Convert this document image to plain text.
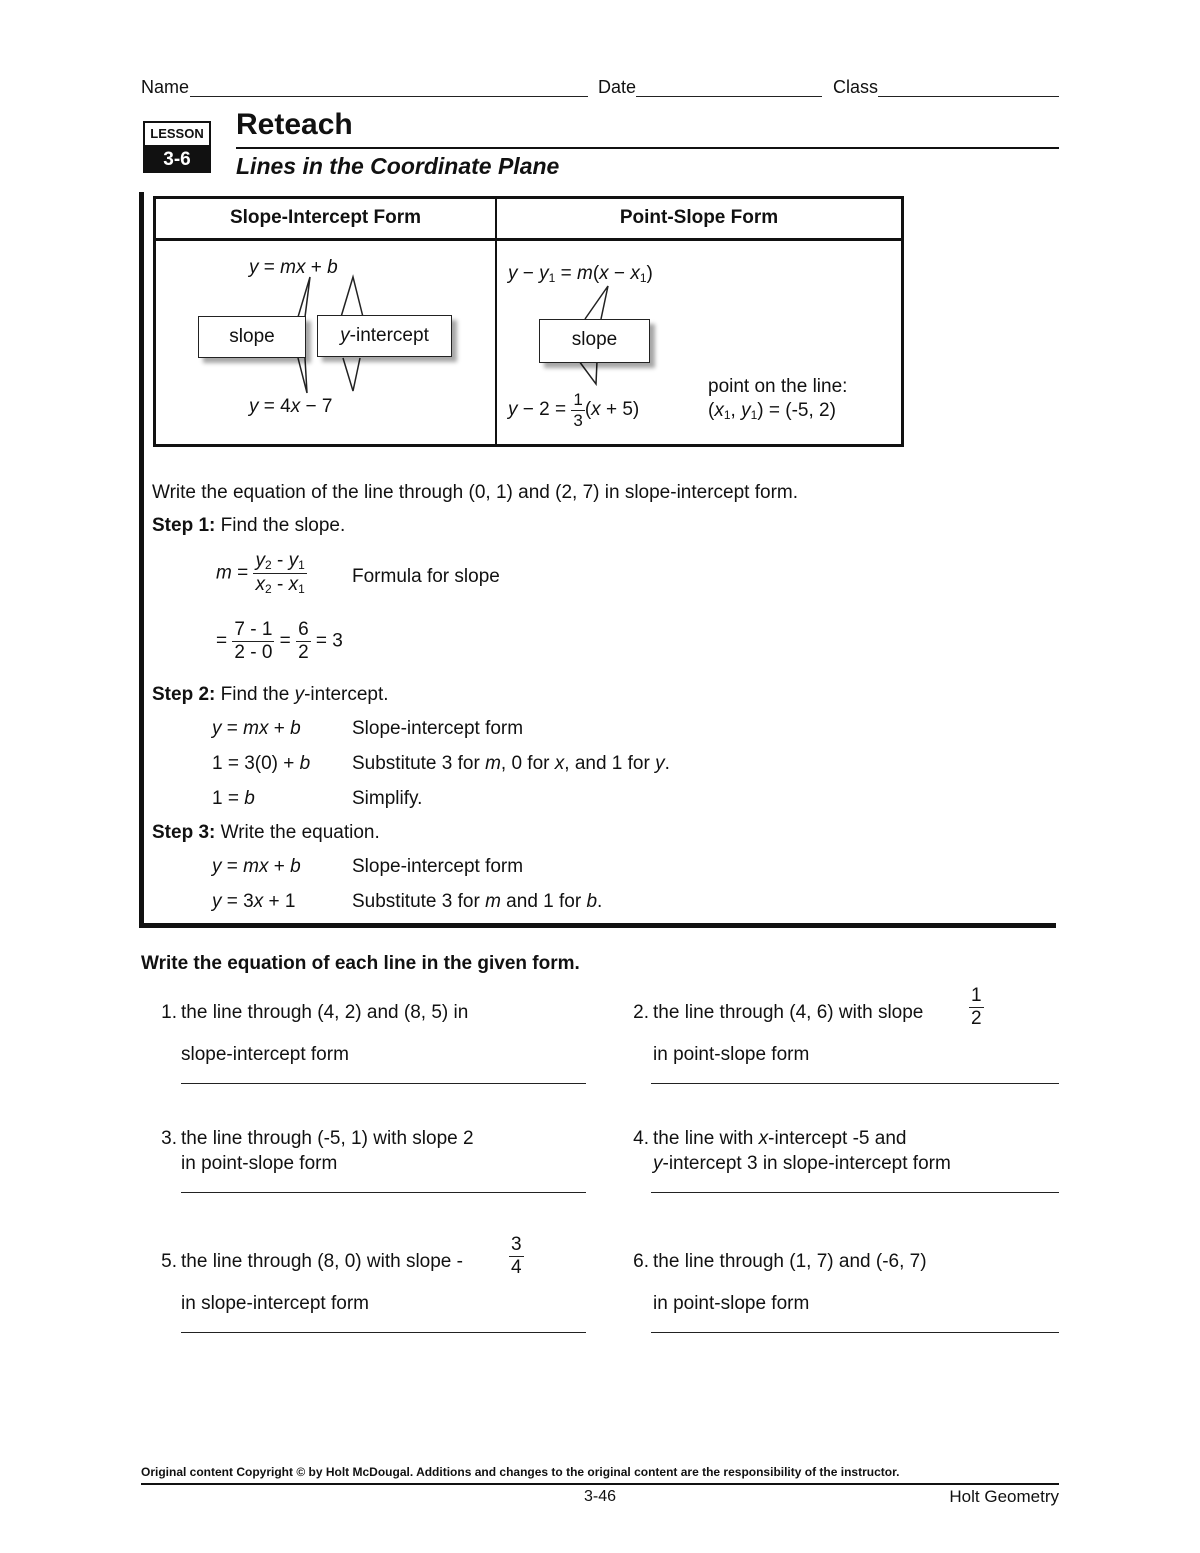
Name	Date	Class
LESSON
3-6
Reteach
Lines in the Coordinate Plane
Slope-Intercept Form	Point-Slope Form
y = mx + b
slope	y-intercept
y = 4x − 7
$y - y_1 = m(x - x_1)$
slope
$y - 2 = \frac{1}{3} (x + 5)$
point on the line:
($x_1$, $y_1) = (-5$, 2)
Write the equation of the line through (0, 1) and (2, 7) in slope-intercept form.
Step 1: Find the slope.
$m = \frac{y_2 - y_1}{x_2 - x_1}$ Formula for slope
= $\frac{7 - 1}{2 - 0} = \frac{6}{2} = 3$
Step 2: Find the y-intercept.
y = mx + b	Slope-intercept form
1 = 3(0) + b Substitute 3 for m, 0 for x, and 1 for y.
1 = b	Simplify.
Step 3: Write the equation.
y = mx + b	Slope-intercept form
y = 3x + 1	Substitute 3 for m and 1 for b.
Write the equation of each line in the given form.
1. the line through (4, 2) and (8, 5) in
slope-intercept form
2. the line through (4, 6) with slope $\frac{1}{2}$
in point-slope form
3. the line through (-5, 1) with slope 2
in point-slope form
4. the line with x-intercept -5 and
y-intercept 3 in slope-intercept form
5. the line through (8, 0) with slope - $\frac{3}{4}$
in slope-intercept form
6. the line through (1, 7) and (-6, 7)
in point-slope form
Original content Copyright © by Holt McDougal. Additions and changes to the original content are the responsibility of the instructor.
3-46	Holt Geometry
